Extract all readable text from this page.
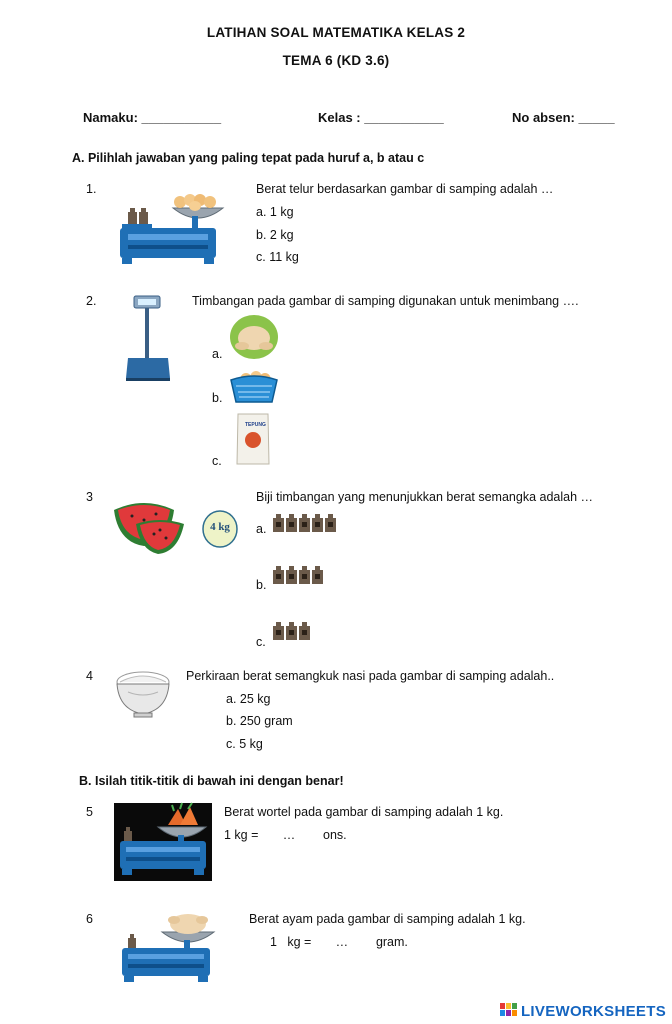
LATIHAN SOAL MATEMATIKA KELAS 2
TEMA 6 (KD 3.6)
Namaku: ___________	Kelas : ___________	No absen: _____
A. Pilihlah jawaban yang paling tepat pada huruf a, b atau c
1.	Berat telur berdasarkan gambar di samping adalah …
a. 1 kg
b. 2 kg
c. 11 kg
2.	Timbangan pada gambar di samping digunakan untuk menimbang ….
a.
b.
c.
TEPUNG
3
4 kg
Biji timbangan yang menunjukkan berat semangka adalah …
a.
b.
c.
4	Perkiraan berat semangkuk nasi pada gambar di samping adalah..
a. 25 kg
b. 250 gram
c. 5 kg
B. Isilah titik-titik di bawah ini dengan benar!
5	Berat wortel pada gambar di samping adalah 1 kg.
1 kg =       …        ons.
6	Berat ayam pada gambar di samping adalah 1 kg.
1   kg =       …        gram.
LIVEWORKSHEETS
